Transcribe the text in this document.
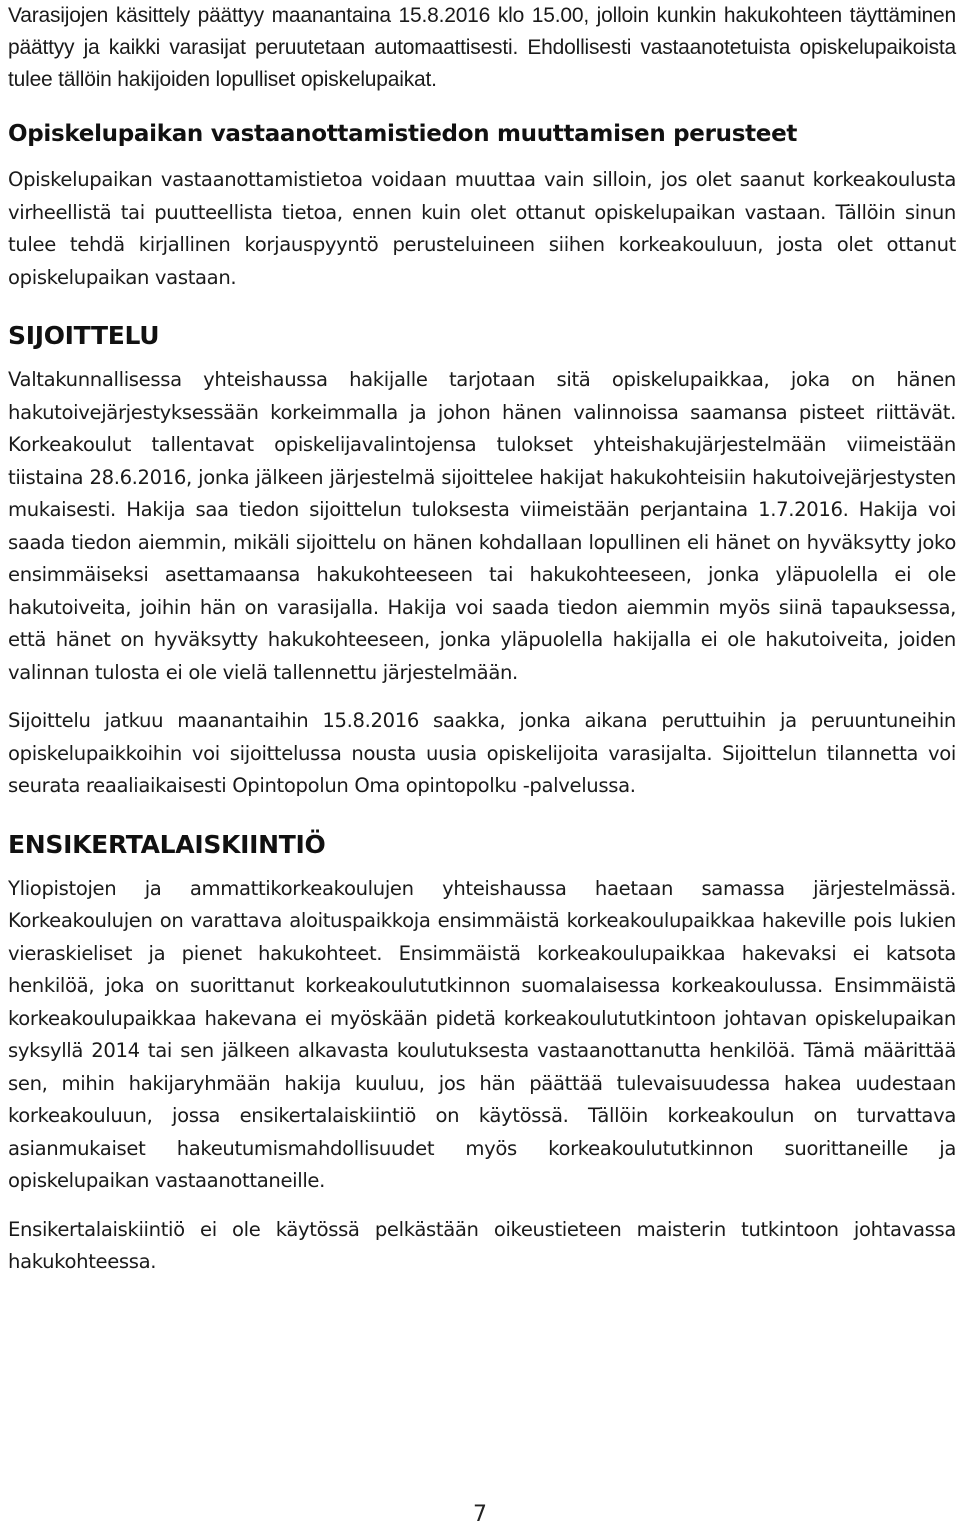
Varasijojen käsittely päättyy maanantaina 15.8.2016 klo 15.00, jolloin kunkin hakukohteen täyttäminen päättyy ja kaikki varasijat peruutetaan automaattisesti. Ehdollisesti vastaanotetuista opiskelupaikoista tulee tällöin hakijoiden lopulliset opiskelupaikat.

Opiskelupaikan vastaanottamistiedon muuttamisen perusteet

Opiskelupaikan vastaanottamistietoa voidaan muuttaa vain silloin, jos olet saanut korkeakoulusta virheellistä tai puutteellista tietoa, ennen kuin olet ottanut opiskelupaikan vastaan. Tällöin sinun tulee tehdä kirjallinen korjauspyyntö perusteluineen siihen korkeakouluun, josta olet ottanut opiskelupaikan vastaan.

SIJOITTELU

Valtakunnallisessa yhteishaussa hakijalle tarjotaan sitä opiskelupaikkaa, joka on hänen hakutoivejärjestyksessään korkeimmalla ja johon hänen valinnoissa saamansa pisteet riittävät. Korkeakoulut tallentavat opiskelijavalintojensa tulokset yhteishakujärjestelmään viimeistään tiistaina 28.6.2016, jonka jälkeen järjestelmä sijoittelee hakijat hakukohteisiin hakutoivejärjestysten mukaisesti. Hakija saa tiedon sijoittelun tuloksesta viimeistään perjantaina 1.7.2016. Hakija voi saada tiedon aiemmin, mikäli sijoittelu on hänen kohdallaan lopullinen eli hänet on hyväksytty joko ensimmäiseksi asettamaansa hakukohteeseen tai hakukohteeseen, jonka yläpuolella ei ole hakutoiveita, joihin hän on varasijalla. Hakija voi saada tiedon aiemmin myös siinä tapauksessa, että hänet on hyväksytty hakukohteeseen, jonka yläpuolella hakijalla ei ole hakutoiveita, joiden valinnan tulosta ei ole vielä tallennettu järjestelmään.

Sijoittelu jatkuu maanantaihin 15.8.2016 saakka, jonka aikana peruttuihin ja peruuntuneihin opiskelupaikkoihin voi sijoittelussa nousta uusia opiskelijoita varasijalta. Sijoittelun tilannetta voi seurata reaaliaikaisesti Opintopolun Oma opintopolku -palvelussa.

ENSIKERTALAISKIINTIÖ

Yliopistojen ja ammattikorkeakoulujen yhteishaussa haetaan samassa järjestelmässä. Korkeakoulujen on varattava aloituspaikkoja ensimmäistä korkeakoulupaikkaa hakeville pois lukien vieraskieliset ja pienet hakukohteet. Ensimmäistä korkeakoulupaikkaa hakevaksi ei katsota henkilöä, joka on suorittanut korkeakoulututkinnon suomalaisessa korkeakoulussa. Ensimmäistä korkeakoulupaikkaa hakevana ei myöskään pidetä korkeakoulututkintoon johtavan opiskelupaikan syksyllä 2014 tai sen jälkeen alkavasta koulutuksesta vastaanottanutta henkilöä. Tämä määrittää sen, mihin hakijaryhmään hakija kuuluu, jos hän päättää tulevaisuudessa hakea uudestaan korkeakouluun, jossa ensikertalaiskiintiö on käytössä. Tällöin korkeakoulun on turvattava asianmukaiset hakeutumismahdollisuudet myös korkeakoulututkinnon suorittaneille ja opiskelupaikan vastaanottaneille.

Ensikertalaiskiintiö ei ole käytössä pelkästään oikeustieteen maisterin tutkintoon johtavassa hakukohteessa.

7
